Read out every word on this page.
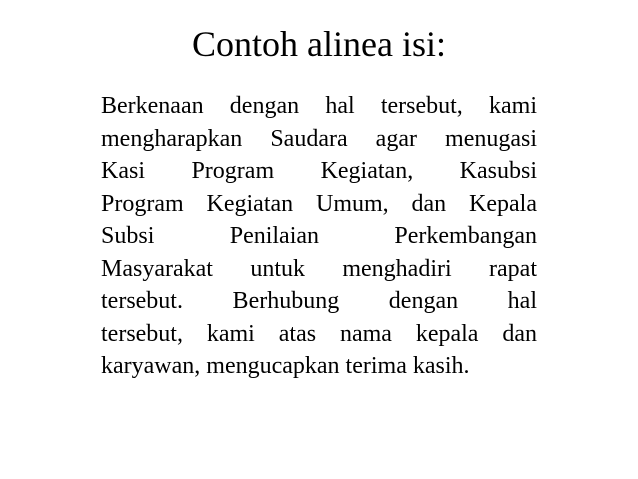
Contoh alinea isi:
Berkenaan dengan hal tersebut, kami
mengharapkan Saudara agar menugasi
Kasi Program Kegiatan, Kasubsi
Program Kegiatan Umum, dan Kepala
Subsi Penilaian Perkembangan
Masyarakat untuk menghadiri rapat
tersebut. Berhubung dengan hal
tersebut, kami atas nama kepala dan
karyawan, mengucapkan terima kasih.
